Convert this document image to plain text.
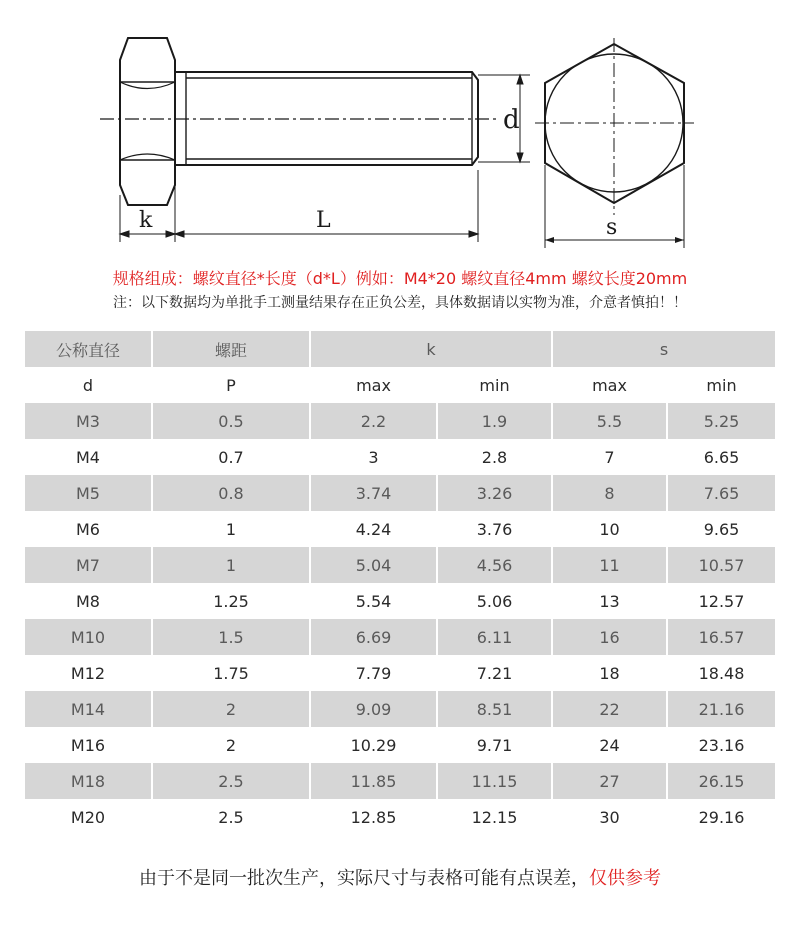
d
k	L	s
规格组成：螺纹直径*长度（d*L）例如：M4*20 螺纹直径4mm 螺纹长度20mm
注：以下数据均为单批手工测量结果存在正负公差，具体数据请以实物为准，介意者慎拍！！
公称直径	螺距	k		s	
d	P	max	min	max	min
M3	0.5	2.2	1.9	5.5	5.25
M4	0.7	3	2.8	7	6.65
M5	0.8	3.74	3.26	8	7.65
M6	1	4.24	3.76	10	9.65
M7	1	5.04	4.56	11	10.57
M8	1.25	5.54	5.06	13	12.57
M10	1.5	6.69	6.11	16	16.57
M12	1.75	7.79	7.21	18	18.48
M14	2	9.09	8.51	22	21.16
M16	2	10.29	9.71	24	23.16
M18	2.5	11.85	11.15	27	26.15
M20	2.5	12.85	12.15	30	29.16
由于不是同一批次生产，实际尺寸与表格可能有点误差，仅供参考
